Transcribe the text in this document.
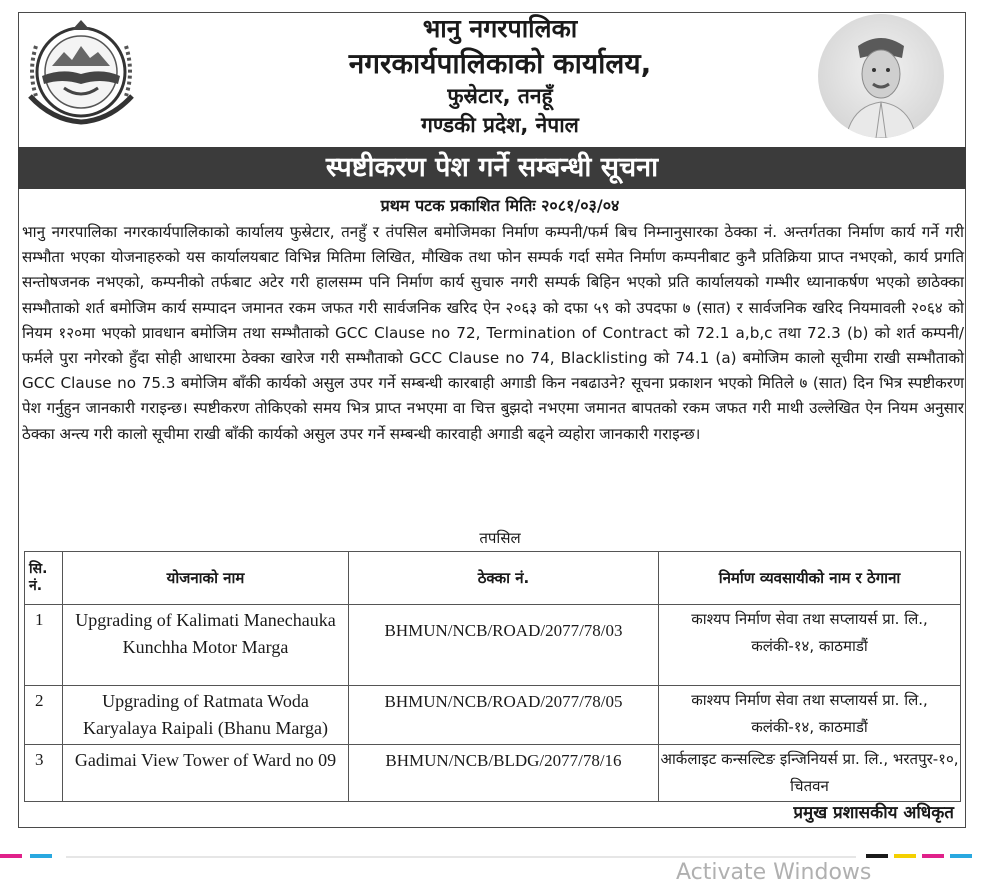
भानु नगरपालिका
नगरकार्यपालिकाको कार्यालय,
फुस्रेटार, तनहूँ
गण्डकी प्रदेश, नेपाल
स्पष्टीकरण पेश गर्ने सम्बन्धी सूचना
प्रथम पटक प्रकाशित मितिः २०८१/०३/०४
भानु नगरपालिका नगरकार्यपालिकाको कार्यालय फुस्रेटार, तनहुँ र तंपसिल बमोजिमका निर्माण कम्पनी/फर्म बिच निम्नानुसारका ठेक्का नं. अन्तर्गतका निर्माण कार्य गर्ने गरी सम्भौता भएका योजनाहरुको यस कार्यालयबाट विभिन्न मितिमा लिखित, मौखिक तथा फोन सम्पर्क गर्दा समेत निर्माण कम्पनीबाट कुनै प्रतिक्रिया प्राप्त नभएको, कार्य प्रगति सन्तोषजनक नभएको, कम्पनीको तर्फबाट अटेर गरी हालसम्म पनि निर्माण कार्य सुचारु नगरी सम्पर्क बिहिन भएको प्रति कार्यालयको गम्भीर ध्यानाकर्षण भएको छाठेक्का सम्भौताको शर्त बमोजिम कार्य सम्पादन जमानत रकम जफत गरी सार्वजनिक खरिद ऐन २०६३ को दफा ५९ को उपदफा ७ (सात) र सार्वजनिक खरिद नियमावली २०६४ को नियम १२०मा भएको प्रावधान बमोजिम तथा सम्भौताको GCC Clause no 72, Termination of Contract को 72.1 a,b,c तथा 72.3 (b) को शर्त कम्पनी/फर्मले पुरा नगेरको हुँदा सोही आधारमा ठेक्का खारेज गरी सम्भौताको GCC Clause no 74, Blacklisting को 74.1 (a) बमोजिम कालो सूचीमा राखी सम्भौताको GCC Clause no 75.3 बमोजिम बाँकी कार्यको असुल उपर गर्ने सम्बन्धी कारबाही अगाडी किन नबढाउने? सूचना प्रकाशन भएको मितिले ७ (सात) दिन भित्र स्पष्टीकरण पेश गर्नुहुन जानकारी गराइन्छ। स्पष्टीकरण तोकिएको समय भित्र प्राप्त नभएमा वा चित्त बुझदो नभएमा जमानत बापतको रकम जफत गरी माथी उल्लेखित ऐन नियम अनुसार ठेक्का अन्त्य गरी कालो सूचीमा राखी बाँकी कार्यको असुल उपर गर्ने सम्बन्धी कारवाही अगाडी बढ्ने व्यहोरा जानकारी गराइन्छ।
तपसिल
सि. नं.	योजनाको नाम	ठेक्का नं.	निर्माण व्यवसायीको नाम र ठेगाना
1	Upgrading of Kalimati Manechauka Kunchha Motor Marga	BHMUN/NCB/ROAD/2077/78/03	काश्यप निर्माण सेवा तथा सप्लायर्स प्रा. लि., कलंकी-१४, काठमाडौं
2	Upgrading of Ratmata Woda Karyalaya Raipali (Bhanu Marga)	BHMUN/NCB/ROAD/2077/78/05	काश्यप निर्माण सेवा तथा सप्लायर्स प्रा. लि., कलंकी-१४, काठमाडौं
3	Gadimai View Tower of Ward no 09	BHMUN/NCB/BLDG/2077/78/16	आर्कलाइट कन्सल्टिङ इन्जिनियर्स प्रा. लि., भरतपुर-१०, चितवन
प्रमुख प्रशासकीय अधिकृत
Activate Windows
